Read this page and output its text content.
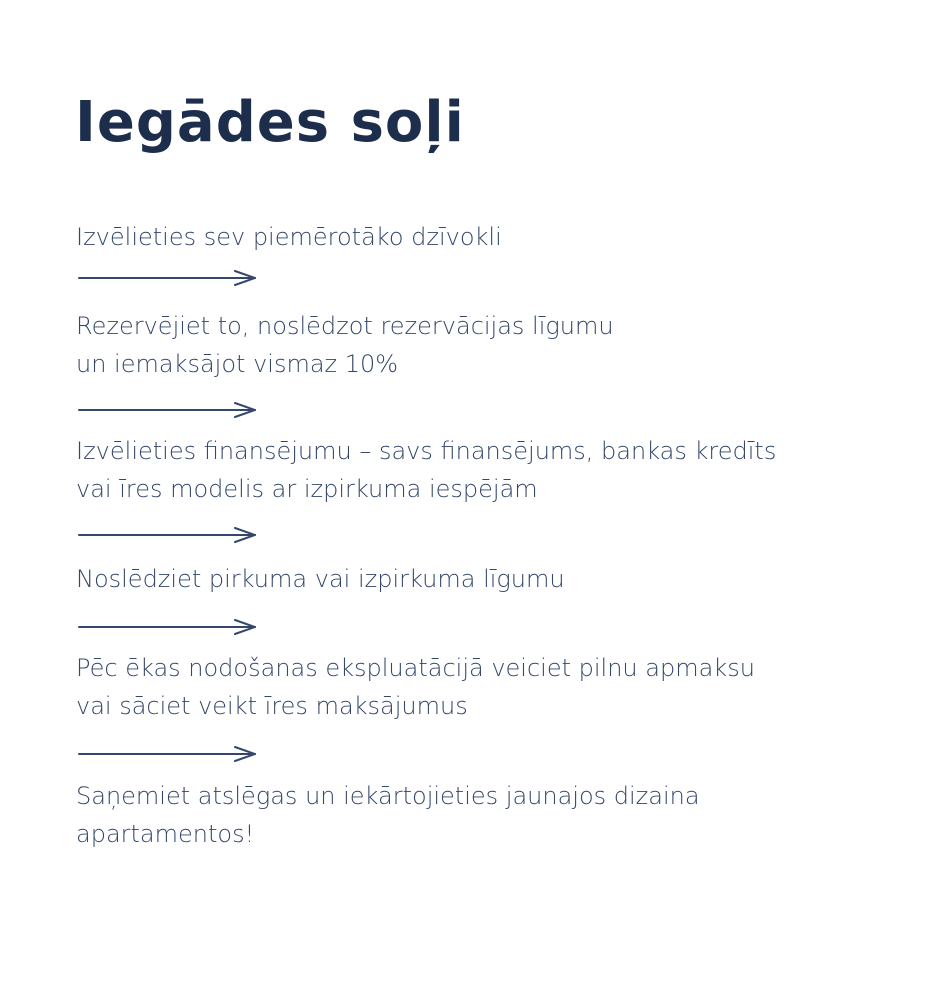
Iegādes soļi

Izvēlieties sev piemērotāko dzīvokli

Rezervējiet to, noslēdzot rezervācijas līgumu
un iemaksājot vismaz 10%

Izvēlieties finansējumu – savs finansējums, bankas kredīts
vai īres modelis ar izpirkuma iespējām

Noslēdziet pirkuma vai izpirkuma līgumu

Pēc ēkas nodošanas ekspluatācijā veiciet pilnu apmaksu
vai sāciet veikt īres maksājumus

Saņemiet atslēgas un iekārtojieties jaunajos dizaina
apartamentos!
